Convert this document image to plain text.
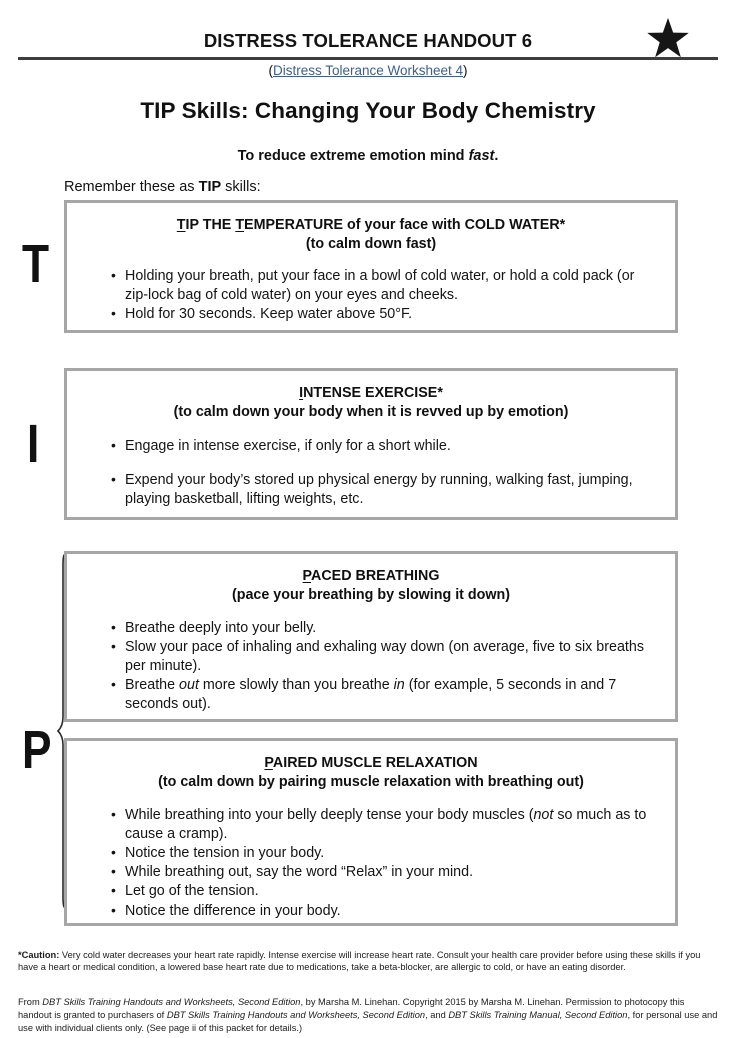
DISTRESS TOLERANCE HANDOUT 6
(Distress Tolerance Worksheet 4)
TIP Skills: Changing Your Body Chemistry
To reduce extreme emotion mind fast.
Remember these as TIP skills:
T
I
P
TIP THE TEMPERATURE of your face with COLD WATER*
(to calm down fast)
• Holding your breath, put your face in a bowl of cold water, or hold a cold pack (or zip-lock bag of cold water) on your eyes and cheeks.
• Hold for 30 seconds. Keep water above 50°F.
INTENSE EXERCISE*
(to calm down your body when it is revved up by emotion)
• Engage in intense exercise, if only for a short while.
• Expend your body’s stored up physical energy by running, walking fast, jumping, playing basketball, lifting weights, etc.
PACED BREATHING
(pace your breathing by slowing it down)
• Breathe deeply into your belly.
• Slow your pace of inhaling and exhaling way down (on average, five to six breaths per minute).
• Breathe out more slowly than you breathe in (for example, 5 seconds in and 7 seconds out).
PAIRED MUSCLE RELAXATION
(to calm down by pairing muscle relaxation with breathing out)
• While breathing into your belly deeply tense your body muscles (not so much as to cause a cramp).
• Notice the tension in your body.
• While breathing out, say the word “Relax” in your mind.
• Let go of the tension.
• Notice the difference in your body.
*Caution: Very cold water decreases your heart rate rapidly. Intense exercise will increase heart rate. Consult your health care provider before using these skills if you have a heart or medical condition, a lowered base heart rate due to medications, take a beta-blocker, are allergic to cold, or have an eating disorder.
From DBT Skills Training Handouts and Worksheets, Second Edition, by Marsha M. Linehan. Copyright 2015 by Marsha M. Linehan. Permission to photocopy this handout is granted to purchasers of DBT Skills Training Handouts and Worksheets, Second Edition, and DBT Skills Training Manual, Second Edition, for personal use and use with individual clients only. (See page ii of this packet for details.)
